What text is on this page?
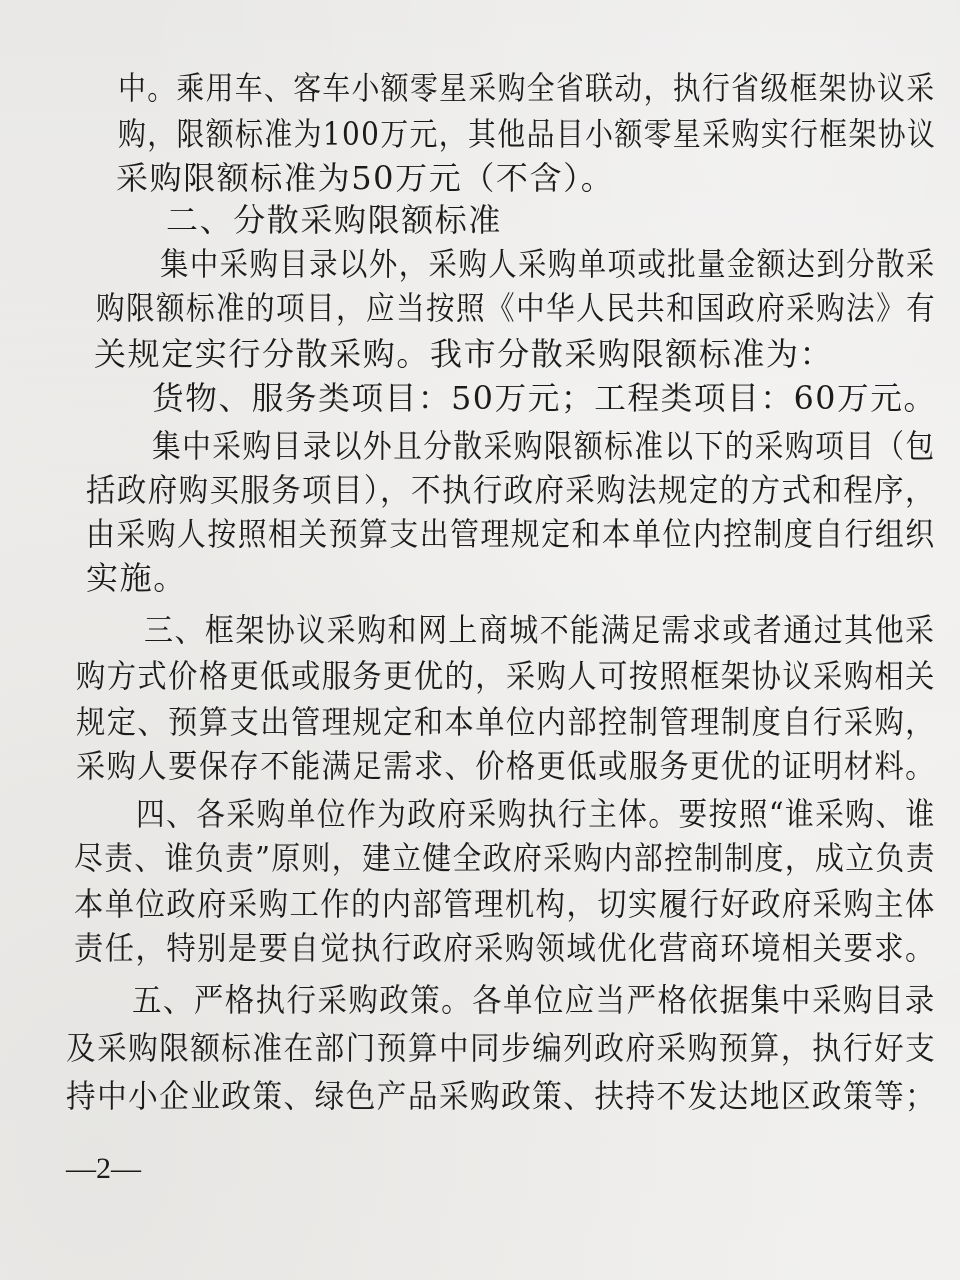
中。乘用车、客车小额零星采购全省联动，执行省级框架协议采
购，限额标准为100万元，其他品目小额零星采购实行框架协议
采购限额标准为50万元（不含）。
二、分散采购限额标准
集中采购目录以外，采购人采购单项或批量金额达到分散采
购限额标准的项目，应当按照《中华人民共和国政府采购法》有
关规定实行分散采购。我市分散采购限额标准为：
货物、服务类项目：50万元；工程类项目：60万元。
集中采购目录以外且分散采购限额标准以下的采购项目（包
括政府购买服务项目），不执行政府采购法规定的方式和程序，
由采购人按照相关预算支出管理规定和本单位内控制度自行组织
实施。
三、框架协议采购和网上商城不能满足需求或者通过其他采
购方式价格更低或服务更优的，采购人可按照框架协议采购相关
规定、预算支出管理规定和本单位内部控制管理制度自行采购，
采购人要保存不能满足需求、价格更低或服务更优的证明材料。
四、各采购单位作为政府采购执行主体。要按照“谁采购、谁
尽责、谁负责”原则，建立健全政府采购内部控制制度，成立负责
本单位政府采购工作的内部管理机构，切实履行好政府采购主体
责任，特别是要自觉执行政府采购领域优化营商环境相关要求。
五、严格执行采购政策。各单位应当严格依据集中采购目录
及采购限额标准在部门预算中同步编列政府采购预算，执行好支
持中小企业政策、绿色产品采购政策、扶持不发达地区政策等；
—2—
